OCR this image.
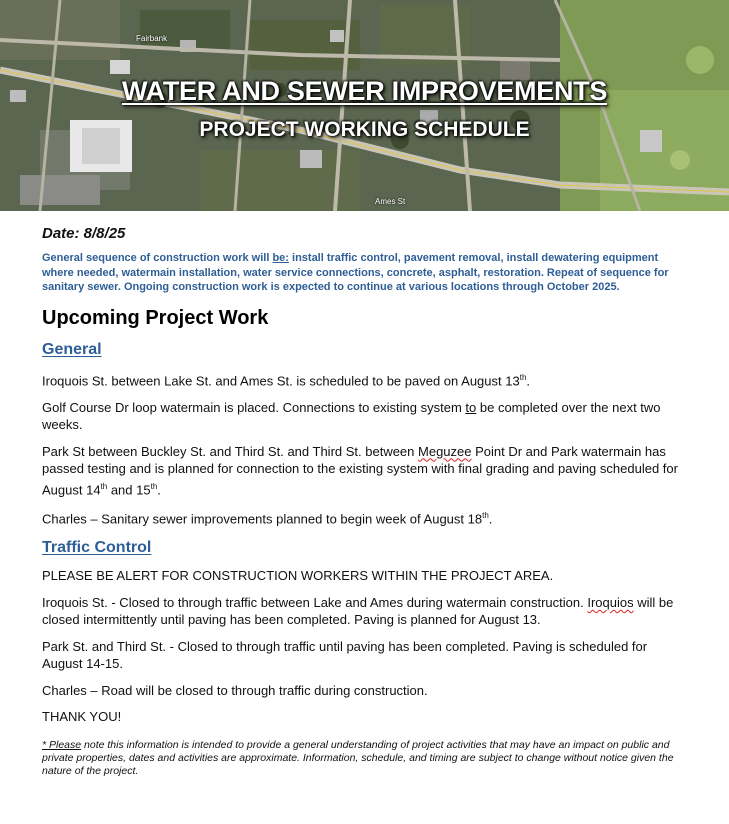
Fairbank
Ames St
WATER AND SEWER IMPROVEMENTS
PROJECT WORKING SCHEDULE
Date: 8/8/25
General sequence of construction work will be: install traffic control, pavement removal, install dewatering equipment where needed, watermain installation, water service connections, concrete, asphalt, restoration. Repeat of sequence for sanitary sewer. Ongoing construction work is expected to continue at various locations through October 2025.
Upcoming Project Work
General

Iroquois St. between Lake St. and Ames St. is scheduled to be paved on August 13th.

Golf Course Dr loop watermain is placed. Connections to existing system to be completed over the next two weeks.

Park St between Buckley St. and Third St. and Third St. between Meguzee Point Dr and Park watermain has passed testing and is planned for connection to the existing system with final grading and paving scheduled for August 14th and 15th.

Charles – Sanitary sewer improvements planned to begin week of August 18th.

Traffic Control

PLEASE BE ALERT FOR CONSTRUCTION WORKERS WITHIN THE PROJECT AREA.

Iroquois St. - Closed to through traffic between Lake and Ames during watermain construction. Iroquios will be closed intermittently until paving has been completed. Paving is planned for August 13.

Park St. and Third St. - Closed to through traffic until paving has been completed. Paving is scheduled for August 14-15.

Charles – Road will be closed to through traffic during construction.

THANK YOU!

* Please note this information is intended to provide a general understanding of project activities that may have an impact on public and private properties, dates and activities are approximate. Information, schedule, and timing are subject to change without notice given the nature of the project.
